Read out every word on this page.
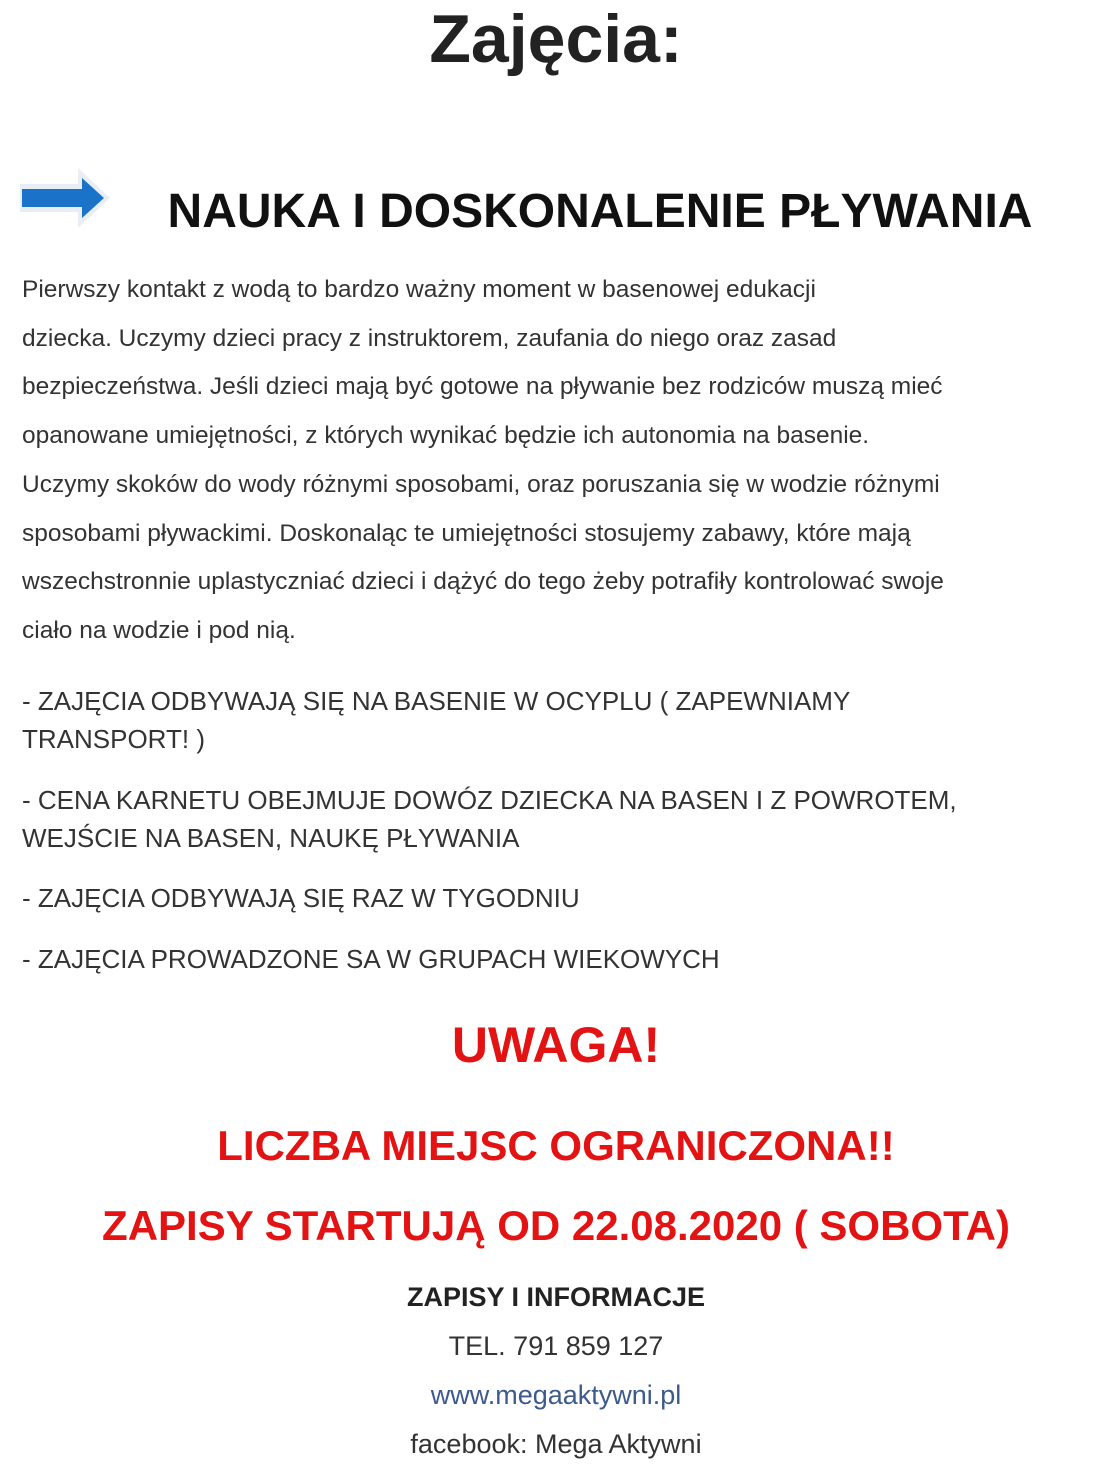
Zajęcia:
NAUKA I DOSKONALENIE PŁYWANIA
Pierwszy kontakt z wodą to bardzo ważny moment w basenowej edukacji
dziecka. Uczymy dzieci pracy z instruktorem, zaufania do niego oraz zasad
bezpieczeństwa. Jeśli dzieci mają być gotowe na pływanie bez rodziców muszą mieć
opanowane umiejętności, z których wynikać będzie ich autonomia na basenie.
Uczymy skoków do wody różnymi sposobami, oraz poruszania się w wodzie różnymi
sposobami pływackimi. Doskonaląc te umiejętności stosujemy zabawy, które mają
wszechstronnie uplastyczniać dzieci i dążyć do tego żeby potrafiły kontrolować swoje
ciało na wodzie i pod nią.
- ZAJĘCIA ODBYWAJĄ SIĘ NA BASENIE W OCYPLU ( ZAPEWNIAMY
TRANSPORT! )
- CENA KARNETU OBEJMUJE DOWÓZ DZIECKA NA BASEN I Z POWROTEM,
WEJŚCIE NA BASEN, NAUKĘ PŁYWANIA
- ZAJĘCIA ODBYWAJĄ SIĘ RAZ W TYGODNIU
- ZAJĘCIA PROWADZONE SA W GRUPACH WIEKOWYCH
UWAGA!
LICZBA MIEJSC OGRANICZONA!!
ZAPISY STARTUJĄ OD 22.08.2020 ( SOBOTA)
ZAPISY I INFORMACJE
TEL. 791 859 127
www.megaaktywni.pl
facebook: Mega Aktywni
